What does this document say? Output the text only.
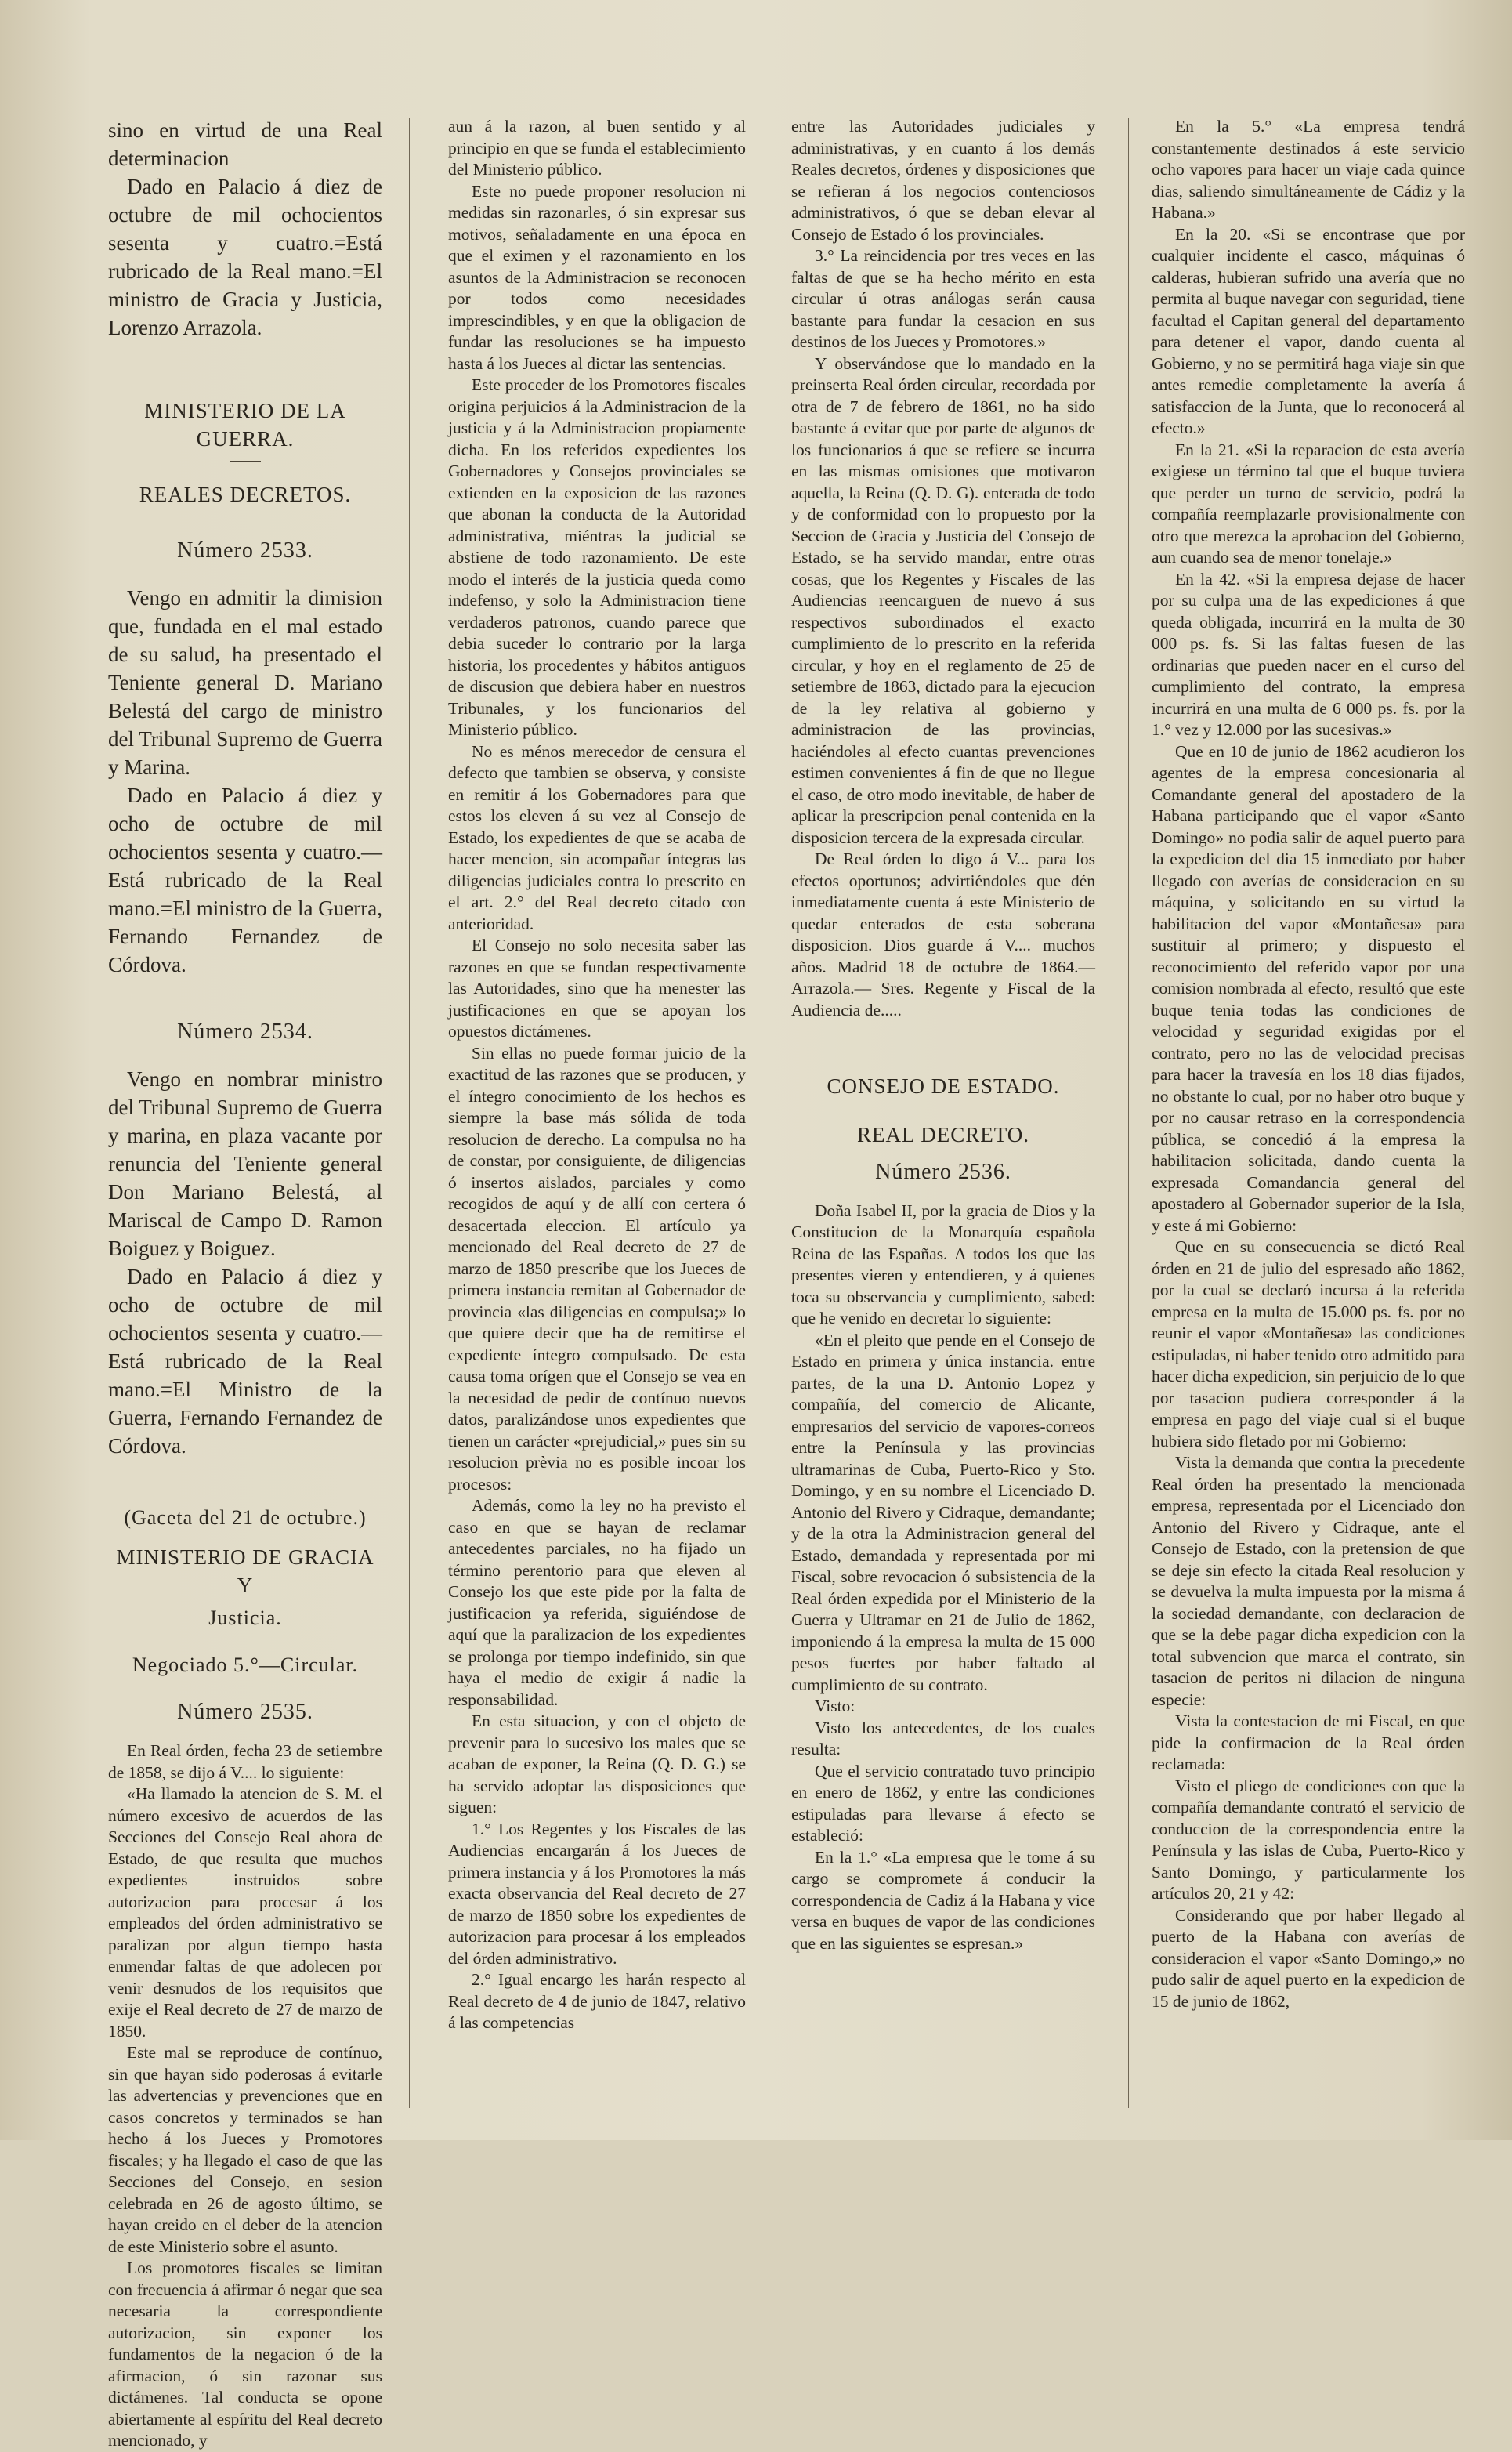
sino en virtud de una Real determinacion

Dado en Palacio á diez de octubre de mil ochocientos sesenta y cuatro.=Está rubricado de la Real mano.=El ministro de Gracia y Justicia, Lorenzo Arrazola.

MINISTERIO DE LA GUERRA.
REALES DECRETOS.
Número 2533.

Vengo en admitir la dimision que, fundada en el mal estado de su salud, ha presentado el Teniente general D. Mariano Belestá del cargo de ministro del Tribunal Supremo de Guerra y Marina.

Dado en Palacio á diez y ocho de octubre de mil ochocientos sesenta y cuatro.—Está rubricado de la Real mano.=El ministro de la Guerra, Fernando Fernandez de Córdova.

Número 2534.

Vengo en nombrar ministro del Tribunal Supremo de Guerra y marina, en plaza vacante por renuncia del Teniente general Don Mariano Belestá, al Mariscal de Campo D. Ramon Boiguez y Boiguez.

Dado en Palacio á diez y ocho de octubre de mil ochocientos sesenta y cuatro.—Está rubricado de la Real mano.=El Ministro de la Guerra, Fernando Fernandez de Córdova.

(Gaceta del 21 de octubre.)
MINISTERIO DE GRACIA Y
Justicia.
Negociado 5.°—Circular.
Número 2535.

En Real órden, fecha 23 de setiembre de 1858, se dijo á V.... lo siguiente:

«Ha llamado la atencion de S. M. el número excesivo de acuerdos de las Secciones del Consejo Real ahora de Estado, de que resulta que muchos expedientes instruidos sobre autorizacion para procesar á los empleados del órden administrativo se paralizan por algun tiempo hasta enmendar faltas de que adolecen por venir desnudos de los requisitos que exije el Real decreto de 27 de marzo de 1850.

Este mal se reproduce de contínuo, sin que hayan sido poderosas á evitarle las advertencias y prevenciones que en casos concretos y terminados se han hecho á los Jueces y Promotores fiscales; y ha llegado el caso de que las Secciones del Consejo, en sesion celebrada en 26 de agosto último, se hayan creido en el deber de la atencion de este Ministerio sobre el asunto.

Los promotores fiscales se limitan con frecuencia á afirmar ó negar que sea necesaria la correspondiente autorizacion, sin exponer los fundamentos de la negacion ó de la afirmacion, ó sin razonar sus dictámenes. Tal conducta se opone abiertamente al espíritu del Real decreto mencionado, y

aun á la razon, al buen sentido y al principio en que se funda el establecimiento del Ministerio público.

Este no puede proponer resolucion ni medidas sin razonarles, ó sin expresar sus motivos, señaladamente en una época en que el eximen y el razonamiento en los asuntos de la Administracion se reconocen por todos como necesidades imprescindibles, y en que la obligacion de fundar las resoluciones se ha impuesto hasta á los Jueces al dictar las sentencias.

Este proceder de los Promotores fiscales origina perjuicios á la Administracion de la justicia y á la Administracion propiamente dicha. En los referidos expedientes los Gobernadores y Consejos provinciales se extienden en la exposicion de las razones que abonan la conducta de la Autoridad administrativa, miéntras la judicial se abstiene de todo razonamiento. De este modo el interés de la justicia queda como indefenso, y solo la Administracion tiene verdaderos patronos, cuando parece que debia suceder lo contrario por la larga historia, los procedentes y hábitos antiguos de discusion que debiera haber en nuestros Tribunales, y los funcionarios del Ministerio público.

No es ménos merecedor de censura el defecto que tambien se observa, y consiste en remitir á los Gobernadores para que estos los eleven á su vez al Consejo de Estado, los expedientes de que se acaba de hacer mencion, sin acompañar íntegras las diligencias judiciales contra lo prescrito en el art. 2.° del Real decreto citado con anterioridad.

El Consejo no solo necesita saber las razones en que se fundan respectivamente las Autoridades, sino que ha menester las justificaciones en que se apoyan los opuestos dictámenes.

Sin ellas no puede formar juicio de la exactitud de las razones que se producen, y el íntegro conocimiento de los hechos es siempre la base más sólida de toda resolucion de derecho. La compulsa no ha de constar, por consiguiente, de diligencias ó insertos aislados, parciales y como recogidos de aquí y de allí con certera ó desacertada eleccion. El artículo ya mencionado del Real decreto de 27 de marzo de 1850 prescribe que los Jueces de primera instancia remitan al Gobernador de provincia «las diligencias en compulsa;» lo que quiere decir que ha de remitirse el expediente íntegro compulsado. De esta causa toma orígen que el Consejo se vea en la necesidad de pedir de contínuo nuevos datos, paralizándose unos expedientes que tienen un carácter «prejudicial,» pues sin su resolucion prèvia no es posible incoar los procesos:

Además, como la ley no ha previsto el caso en que se hayan de reclamar antecedentes parciales, no ha fijado un término perentorio para que eleven al Consejo los que este pide por la falta de justificacion ya referida, siguiéndose de aquí que la paralizacion de los expedientes se prolonga por tiempo indefinido, sin que haya el medio de exigir á nadie la responsabilidad.

En esta situacion, y con el objeto de prevenir para lo sucesivo los males que se acaban de exponer, la Reina (Q. D. G.) se ha servido adoptar las disposiciones que siguen:

1.° Los Regentes y los Fiscales de las Audiencias encargarán á los Jueces de primera instancia y á los Promotores la más exacta observancia del Real decreto de 27 de marzo de 1850 sobre los expedientes de autorizacion para procesar á los empleados del órden administrativo.

2.° Igual encargo les harán respecto al Real decreto de 4 de junio de 1847, relativo á las competencias

entre las Autoridades judiciales y administrativas, y en cuanto á los demás Reales decretos, órdenes y disposiciones que se refieran á los negocios contenciosos administrativos, ó que se deban elevar al Consejo de Estado ó los provinciales.

3.° La reincidencia por tres veces en las faltas de que se ha hecho mérito en esta circular ú otras análogas serán causa bastante para fundar la cesacion en sus destinos de los Jueces y Promotores.»

Y observándose que lo mandado en la preinserta Real órden circular, recordada por otra de 7 de febrero de 1861, no ha sido bastante á evitar que por parte de algunos de los funcionarios á que se refiere se incurra en las mismas omisiones que motivaron aquella, la Reina (Q. D. G). enterada de todo y de conformidad con lo propuesto por la Seccion de Gracia y Justicia del Consejo de Estado, se ha servido mandar, entre otras cosas, que los Regentes y Fiscales de las Audiencias reencarguen de nuevo á sus respectivos subordinados el exacto cumplimiento de lo prescrito en la referida circular, y hoy en el reglamento de 25 de setiembre de 1863, dictado para la ejecucion de la ley relativa al gobierno y administracion de las provincias, haciéndoles al efecto cuantas prevenciones estimen convenientes á fin de que no llegue el caso, de otro modo inevitable, de haber de aplicar la prescripcion penal contenida en la disposicion tercera de la expresada circular.

De Real órden lo digo á V... para los efectos oportunos; advirtiéndoles que dén inmediatamente cuenta á este Ministerio de quedar enterados de esta soberana disposicion. Dios guarde á V.... muchos años. Madrid 18 de octubre de 1864.—Arrazola.— Sres. Regente y Fiscal de la Audiencia de.....

CONSEJO DE ESTADO.
REAL DECRETO.
Número 2536.

Doña Isabel II, por la gracia de Dios y la Constitucion de la Monarquía española Reina de las Españas. A todos los que las presentes vieren y entendieren, y á quienes toca su observancia y cumplimiento, sabed: que he venido en decretar lo siguiente:

«En el pleito que pende en el Consejo de Estado en primera y única instancia. entre partes, de la una D. Antonio Lopez y compañía, del comercio de Alicante, empresarios del servicio de vapores-correos entre la Península y las provincias ultramarinas de Cuba, Puerto-Rico y Sto. Domingo, y en su nombre el Licenciado D. Antonio del Rivero y Cidraque, demandante; y de la otra la Administracion general del Estado, demandada y representada por mi Fiscal, sobre revocacion ó subsistencia de la Real órden expedida por el Ministerio de la Guerra y Ultramar en 21 de Julio de 1862, imponiendo á la empresa la multa de 15 000 pesos fuertes por haber faltado al cumplimiento de su contrato.

Visto:

Visto los antecedentes, de los cuales resulta:

Que el servicio contratado tuvo principio en enero de 1862, y entre las condiciones estipuladas para llevarse á efecto se estableció:

En la 1.° «La empresa que le tome á su cargo se compromete á conducir la correspondencia de Cadiz á la Habana y vice versa en buques de vapor de las condiciones que en las siguientes se espresan.»

En la 5.° «La empresa tendrá constantemente destinados á este servicio ocho vapores para hacer un viaje cada quince dias, saliendo simultáneamente de Cádiz y la Habana.»

En la 20. «Si se encontrase que por cualquier incidente el casco, máquinas ó calderas, hubieran sufrido una avería que no permita al buque navegar con seguridad, tiene facultad el Capitan general del departamento para detener el vapor, dando cuenta al Gobierno, y no se permitirá haga viaje sin que antes remedie completamente la avería á satisfaccion de la Junta, que lo reconocerá al efecto.»

En la 21. «Si la reparacion de esta avería exigiese un término tal que el buque tuviera que perder un turno de servicio, podrá la compañía reemplazarle provisionalmente con otro que merezca la aprobacion del Gobierno, aun cuando sea de menor tonelaje.»

En la 42. «Si la empresa dejase de hacer por su culpa una de las expediciones á que queda obligada, incurrirá en la multa de 30 000 ps. fs. Si las faltas fuesen de las ordinarias que pueden nacer en el curso del cumplimiento del contrato, la empresa incurrirá en una multa de 6 000 ps. fs. por la 1.° vez y 12.000 por las sucesivas.»

Que en 10 de junio de 1862 acudieron los agentes de la empresa concesionaria al Comandante general del apostadero de la Habana participando que el vapor «Santo Domingo» no podia salir de aquel puerto para la expedicion del dia 15 inmediato por haber llegado con averías de consideracion en su máquina, y solicitando en su virtud la habilitacion del vapor «Montañesa» para sustituir al primero; y dispuesto el reconocimiento del referido vapor por una comision nombrada al efecto, resultó que este buque tenia todas las condiciones de velocidad y seguridad exigidas por el contrato, pero no las de velocidad precisas para hacer la travesía en los 18 dias fijados, no obstante lo cual, por no haber otro buque y por no causar retraso en la correspondencia pública, se concedió á la empresa la habilitacion solicitada, dando cuenta la expresada Comandancia general del apostadero al Gobernador superior de la Isla, y este á mi Gobierno:

Que en su consecuencia se dictó Real órden en 21 de julio del espresado año 1862, por la cual se declaró incursa á la referida empresa en la multa de 15.000 ps. fs. por no reunir el vapor «Montañesa» las condiciones estipuladas, ni haber tenido otro admitido para hacer dicha expedicion, sin perjuicio de lo que por tasacion pudiera corresponder á la empresa en pago del viaje cual si el buque hubiera sido fletado por mi Gobierno:

Vista la demanda que contra la precedente Real órden ha presentado la mencionada empresa, representada por el Licenciado don Antonio del Rivero y Cidraque, ante el Consejo de Estado, con la pretension de que se deje sin efecto la citada Real resolucion y se devuelva la multa impuesta por la misma á la sociedad demandante, con declaracion de que se la debe pagar dicha expedicion con la total subvencion que marca el contrato, sin tasacion de peritos ni dilacion de ninguna especie:

Vista la contestacion de mi Fiscal, en que pide la confirmacion de la Real órden reclamada:

Visto el pliego de condiciones con que la compañía demandante contrató el servicio de conduccion de la correspondencia entre la Península y las islas de Cuba, Puerto-Rico y Santo Domingo, y particularmente los artículos 20, 21 y 42:

Considerando que por haber llegado al puerto de la Habana con averías de consideracion el vapor «Santo Domingo,» no pudo salir de aquel puerto en la expedicion de 15 de junio de 1862,
